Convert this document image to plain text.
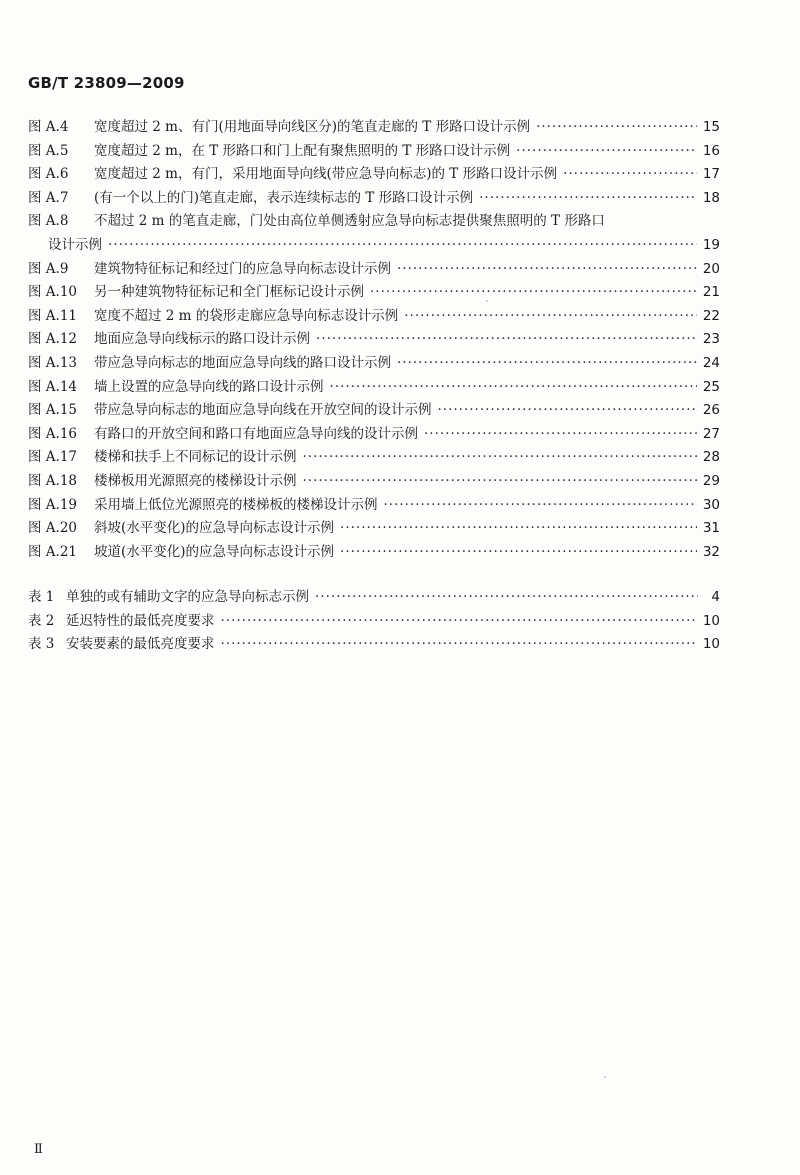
GB/T 23809—2009
图 A.4	宽度超过 2 m、有门(用地面导向线区分)的笔直走廊的 T 形路口设计示例 ·····	15
图 A.5	宽度超过 2 m，在 T 形路口和门上配有聚焦照明的 T 形路口设计示例 ·····	16
图 A.6	宽度超过 2 m，有门，采用地面导向线(带应急导向标志)的 T 形路口设计示例 ·····	17
图 A.7	(有一个以上的门)笔直走廊，表示连续标志的 T 形路口设计示例 ·····	18
图 A.8	不超过 2 m 的笔直走廊，门处由高位单侧透射应急导向标志提供聚焦照明的 T 形路口
设计示例 ·····	19
图 A.9	建筑物特征标记和经过门的应急导向标志设计示例 ·····	20
图 A.10	另一种建筑物特征标记和全门框标记设计示例 ·····	21
图 A.11	宽度不超过 2 m 的袋形走廊应急导向标志设计示例 ·····	22
图 A.12	地面应急导向线标示的路口设计示例 ·····	23
图 A.13	带应急导向标志的地面应急导向线的路口设计示例 ·····	24
图 A.14	墙上设置的应急导向线的路口设计示例 ·····	25
图 A.15	带应急导向标志的地面应急导向线在开放空间的设计示例 ·····	26
图 A.16	有路口的开放空间和路口有地面应急导向线的设计示例 ·····	27
图 A.17	楼梯和扶手上不同标记的设计示例 ·····	28
图 A.18	楼梯板用光源照亮的楼梯设计示例 ·····	29
图 A.19	采用墙上低位光源照亮的楼梯板的楼梯设计示例 ·····	30
图 A.20	斜坡(水平变化)的应急导向标志设计示例 ·····	31
图 A.21	坡道(水平变化)的应急导向标志设计示例 ·····	32
表 1 单独的或有辅助文字的应急导向标志示例 ·····	4
表 2 延迟特性的最低亮度要求 ·····	10
表 3 安装要素的最低亮度要求 ·····	10
Ⅱ
